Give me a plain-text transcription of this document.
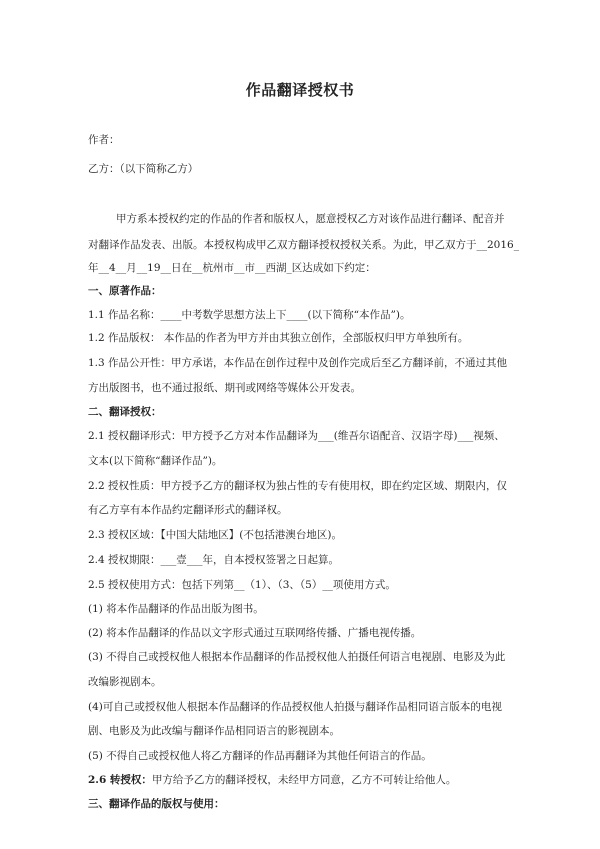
作品翻译授权书
作者：
乙方：（以下简称乙方）
甲方系本授权约定的作品的作者和版权人，愿意授权乙方对该作品进行翻译、配音并
对翻译作品发表、出版。本授权构成甲乙双方翻译授权授权关系。为此，甲乙双方于__2016_
年__4__月__19__日在__杭州市__市__西湖_区达成如下约定：
一、原著作品：
1.1 作品名称：____中考数学思想方法上下____(以下简称“本作品”)。
1.2 作品版权： 本作品的作者为甲方并由其独立创作，全部版权归甲方单独所有。
1.3 作品公开性：甲方承诺，本作品在创作过程中及创作完成后至乙方翻译前，不通过其他
方出版图书，也不通过报纸、期刊或网络等媒体公开发表。
二、翻译授权：
2.1 授权翻译形式：甲方授予乙方对本作品翻译为___(维吾尔语配音、汉语字母)___视频、
文本(以下简称“翻译作品”)。
2.2 授权性质：甲方授予乙方的翻译权为独占性的专有使用权，即在约定区域、期限内，仅
有乙方享有本作品约定翻译形式的翻译权。
2.3 授权区域：【中国大陆地区】(不包括港澳台地区)。
2.4 授权期限：___壹___年，自本授权签署之日起算。
2.5 授权使用方式：包括下列第__（1）、（3、（5）__项使用方式。
(1) 将本作品翻译的作品出版为图书。
(2) 将本作品翻译的作品以文字形式通过互联网络传播、广播电视传播。
(3) 不得自己或授权他人根据本作品翻译的作品授权他人拍摄任何语言电视剧、电影及为此
改编影视剧本。
(4)可自己或授权他人根据本作品翻译的作品授权他人拍摄与翻译作品相同语言版本的电视
剧、电影及为此改编与翻译作品相同语言的影视剧本。
(5) 不得自己或授权他人将乙方翻译的作品再翻译为其他任何语言的作品。
2.6 转授权：甲方给予乙方的翻译授权，未经甲方同意，乙方不可转让给他人。
三、翻译作品的版权与使用：
